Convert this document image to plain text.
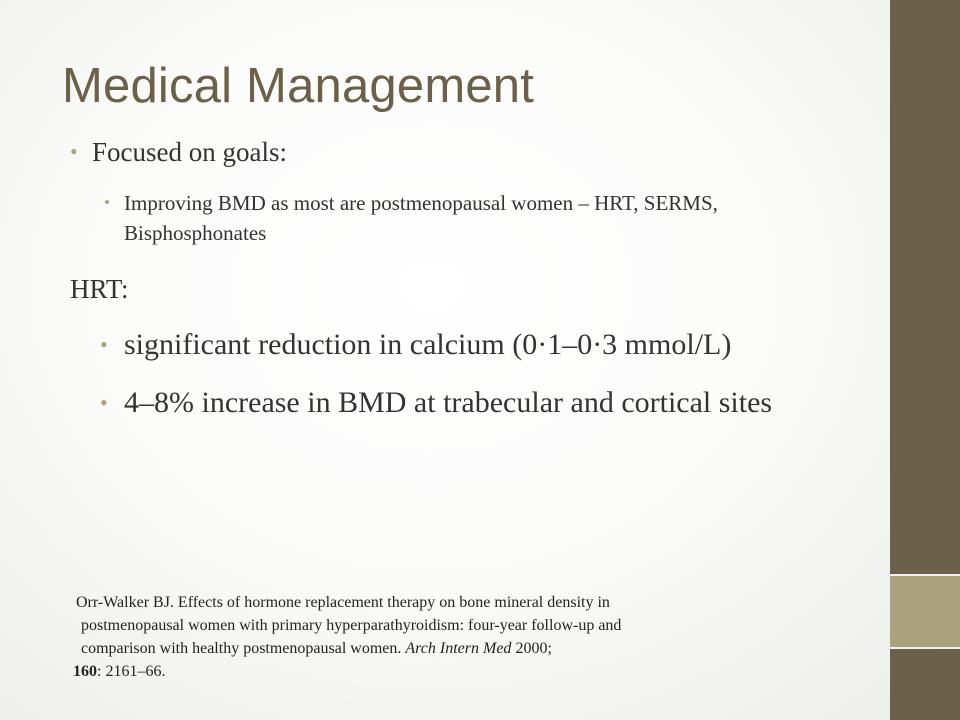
Medical Management
• Focused on goals:
• Improving BMD as most are postmenopausal women – HRT, SERMS, Bisphosphonates
HRT:
• significant reduction in calcium (0·1–0·3 mmol/L)
• 4–8% increase in BMD at trabecular and cortical sites
Orr-Walker BJ. Effects of hormone replacement therapy on bone mineral density in
postmenopausal women with primary hyperparathyroidism: four-year follow-up and
comparison with healthy postmenopausal women. Arch Intern Med 2000;
160: 2161–66.
